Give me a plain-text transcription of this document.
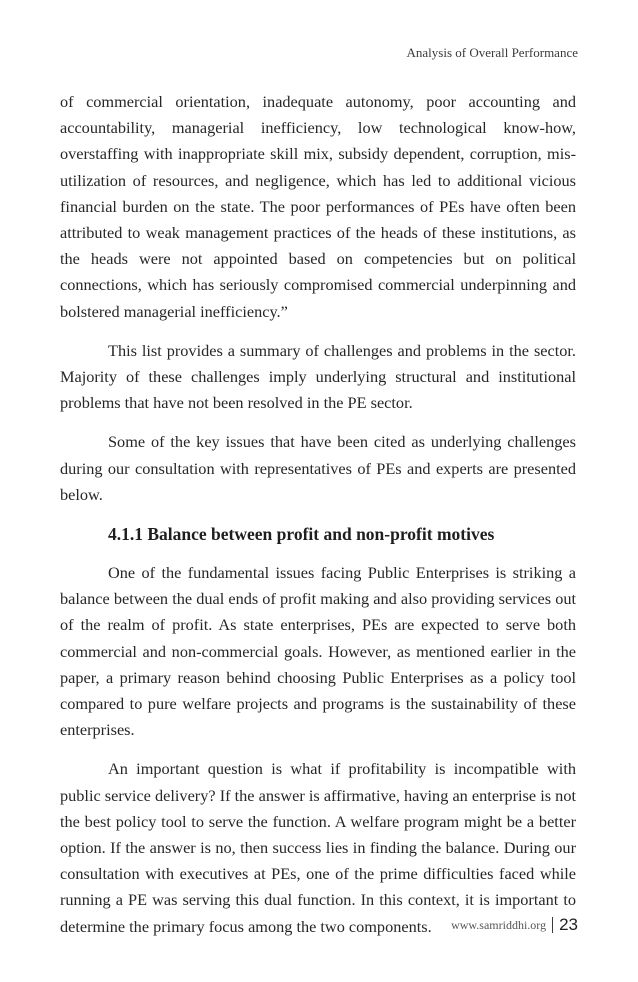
Analysis of Overall Performance

of commercial orientation, inadequate autonomy, poor accounting and accountability, managerial inefficiency, low technological know-how, overstaffing with inappropriate skill mix, subsidy dependent, corruption, mis-utilization of resources, and negligence, which has led to additional vicious financial burden on the state. The poor performances of PEs have often been attributed to weak management practices of the heads of these institutions, as the heads were not appointed based on competencies but on political connections, which has seriously compromised commercial underpinning and bolstered managerial inefficiency.”

This list provides a summary of challenges and problems in the sector. Majority of these challenges imply underlying structural and institutional problems that have not been resolved in the PE sector.

Some of the key issues that have been cited as underlying challenges during our consultation with representatives of PEs and experts are presented below.

4.1.1 Balance between profit and non-profit motives

One of the fundamental issues facing Public Enterprises is striking a balance between the dual ends of profit making and also providing services out of the realm of profit. As state enterprises, PEs are expected to serve both commercial and non-commercial goals. However, as mentioned earlier in the paper, a primary reason behind choosing Public Enterprises as a policy tool compared to pure welfare projects and programs is the sustainability of these enterprises.

An important question is what if profitability is incompatible with public service delivery? If the answer is affirmative, having an enterprise is not the best policy tool to serve the function. A welfare program might be a better option. If the answer is no, then success lies in finding the balance. During our consultation with executives at PEs, one of the prime difficulties faced while running a PE was serving this dual function. In this context, it is important to determine the primary focus among the two components.	www.samriddhi.org 23
